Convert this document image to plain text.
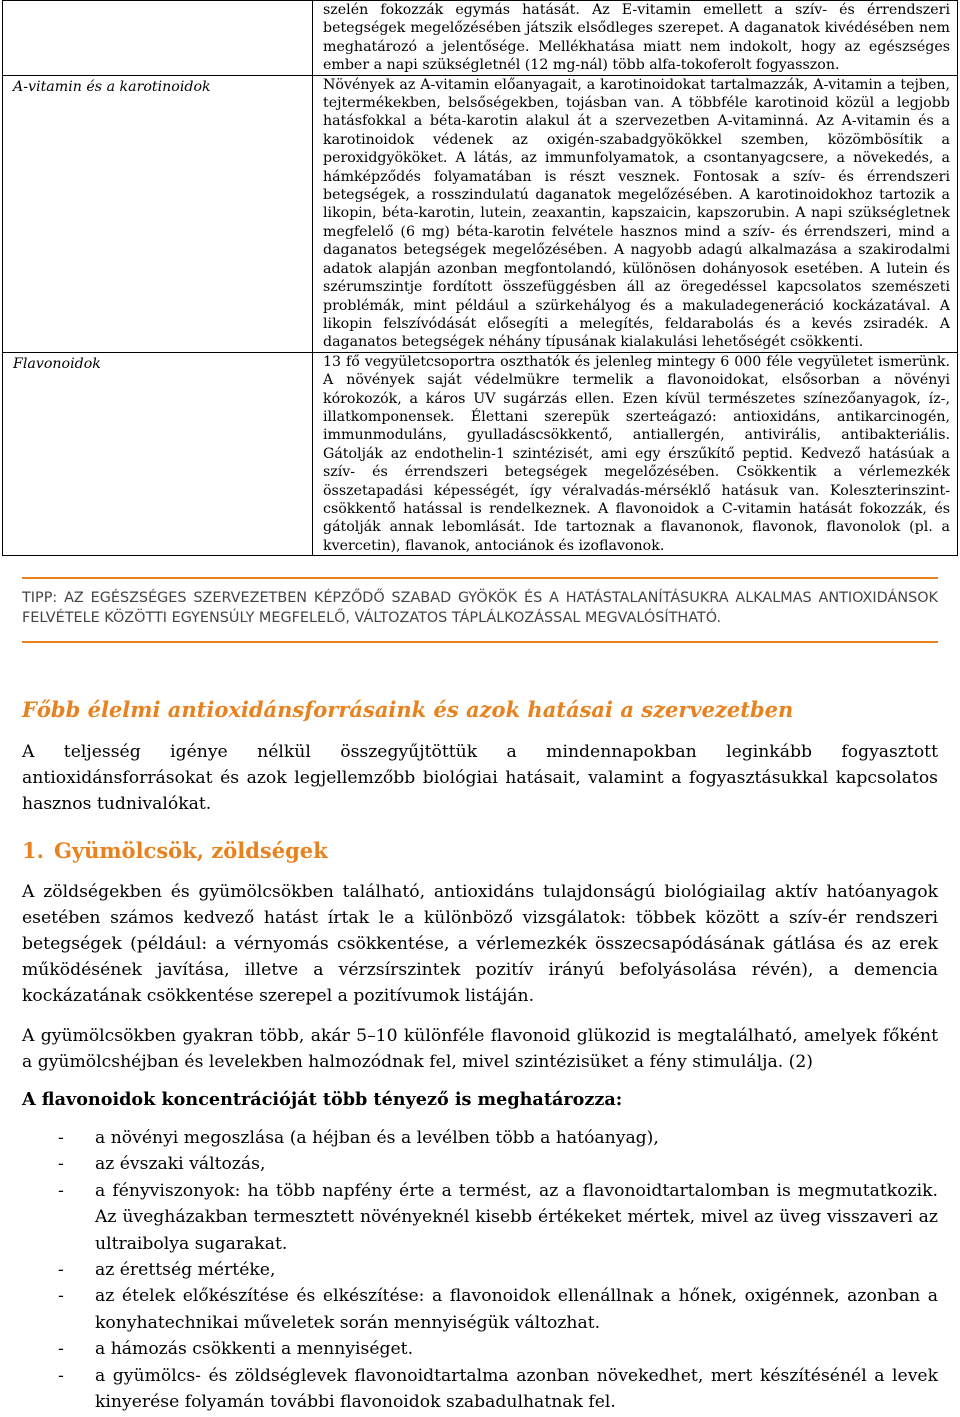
	szelén fokozzák egymás hatását. Az E-vitamin emellett a szív- és érrendszeri betegségek megelőzésében játszik elsődleges szerepet. A daganatok kivédésében nem meghatározó a jelentősége. Mellékhatása miatt nem indokolt, hogy az egészséges ember a napi szükségletnél (12 mg-nál) több alfa-tokoferolt fogyasszon.

A-vitamin és a karotinoidok	Növények az A-vitamin előanyagait, a karotinoidokat tartalmazzák, A-vitamin a tejben, tejtermékekben, belsőségekben, tojásban van. A többféle karotinoid közül a legjobb hatásfokkal a béta-karotin alakul át a szervezetben A-vitaminná. Az A-vitamin és a karotinoidok védenek az oxigén-szabadgyökökkel szemben, közömbösítik a peroxidgyököket. A látás, az immunfolyamatok, a csontanyagcsere, a növekedés, a hámképződés folyamatában is részt vesznek. Fontosak a szív- és érrendszeri betegségek, a rosszindulatú daganatok megelőzésében. A karotinoidokhoz tartozik a likopin, béta-karotin, lutein, zeaxantin, kapszaicin, kapszorubin. A napi szükségletnek megfelelő (6 mg) béta-karotin felvétele hasznos mind a szív- és érrendszeri, mind a daganatos betegségek megelőzésében. A nagyobb adagú alkalmazása a szakirodalmi adatok alapján azonban megfontolandó, különösen dohányosok esetében. A lutein és szérumszintje fordított összefüggésben áll az öregedéssel kapcsolatos szemészeti problémák, mint például a szürkehályog és a makuladegeneráció kockázatával. A likopin felszívódását elősegíti a melegítés, feldarabolás és a kevés zsiradék. A daganatos betegségek néhány típusának kialakulási lehetőségét csökkenti.

Flavonoidok	13 fő vegyületcsoportra oszthatók és jelenleg mintegy 6 000 féle vegyületet ismerünk. A növények saját védelmükre termelik a flavonoidokat, elsősorban a növényi kórokozók, a káros UV sugárzás ellen. Ezen kívül természetes színezőanyagok, íz-, illatkomponensek. Élettani szerepük szerteágazó: antioxidáns, antikarcinogén, immunmoduláns, gyulladáscsökkentő, antiallergén, antivirális, antibakteriális. Gátolják az endothelin-1 szintézisét, ami egy érszűkítő peptid. Kedvező hatásúak a szív- és érrendszeri betegségek megelőzésében. Csökkentik a vérlemezkék összetapadási képességét, így véralvadás-mérséklő hatásuk van. Koleszterinszint-csökkentő hatással is rendelkeznek. A flavonoidok a C-vitamin hatását fokozzák, és gátolják annak lebomlását. Ide tartoznak a flavanonok, flavonok, flavonolok (pl. a kvercetin), flavanok, antociánok és izoflavonok.
TIPP: AZ EGÉSZSÉGES SZERVEZETBEN KÉPZŐDŐ SZABAD GYÖKÖK ÉS A HATÁSTALANÍTÁSUKRA ALKALMAS ANTIOXIDÁNSOK FELVÉTELE KÖZÖTTI EGYENSÚLY MEGFELELŐ, VÁLTOZATOS TÁPLÁLKOZÁSSAL MEGVALÓSÍTHATÓ.
Főbb élelmi antioxidánsforrásaink és azok hatásai a szervezetben
A teljesség igénye nélkül összegyűjtöttük a mindennapokban leginkább fogyasztott antioxidánsforrásokat és azok legjellemzőbb biológiai hatásait, valamint a fogyasztásukkal kapcsolatos hasznos tudnivalókat.
1. Gyümölcsök, zöldségek
A zöldségekben és gyümölcsökben található, antioxidáns tulajdonságú biológiailag aktív hatóanyagok esetében számos kedvező hatást írtak le a különböző vizsgálatok: többek között a szív-ér rendszeri betegségek (például: a vérnyomás csökkentése, a vérlemezkék összecsapódásának gátlása és az erek működésének javítása, illetve a vérzsírszintek pozitív irányú befolyásolása révén), a demencia kockázatának csökkentése szerepel a pozitívumok listáján.
A gyümölcsökben gyakran több, akár 5–10 különféle flavonoid glükozid is megtalálható, amelyek főként a gyümölcshéjban és levelekben halmozódnak fel, mivel szintézisüket a fény stimulálja. (2)
A flavonoidok koncentrációját több tényező is meghatározza:
- a növényi megoszlása (a héjban és a levélben több a hatóanyag),
- az évszaki változás,
- a fényviszonyok: ha több napfény érte a termést, az a flavonoidtartalomban is megmutatkozik. Az üvegházakban termesztett növényeknél kisebb értékeket mértek, mivel az üveg visszaveri az ultraibolya sugarakat.
- az érettség mértéke,
- az ételek előkészítése és elkészítése: a flavonoidok ellenállnak a hőnek, oxigénnek, azonban a konyhatechnikai műveletek során mennyiségük változhat.
- a hámozás csökkenti a mennyiséget.
- a gyümölcs- és zöldséglevek flavonoidtartalma azonban növekedhet, mert készítésénél a levek kinyerése folyamán további flavonoidok szabadulhatnak fel.
